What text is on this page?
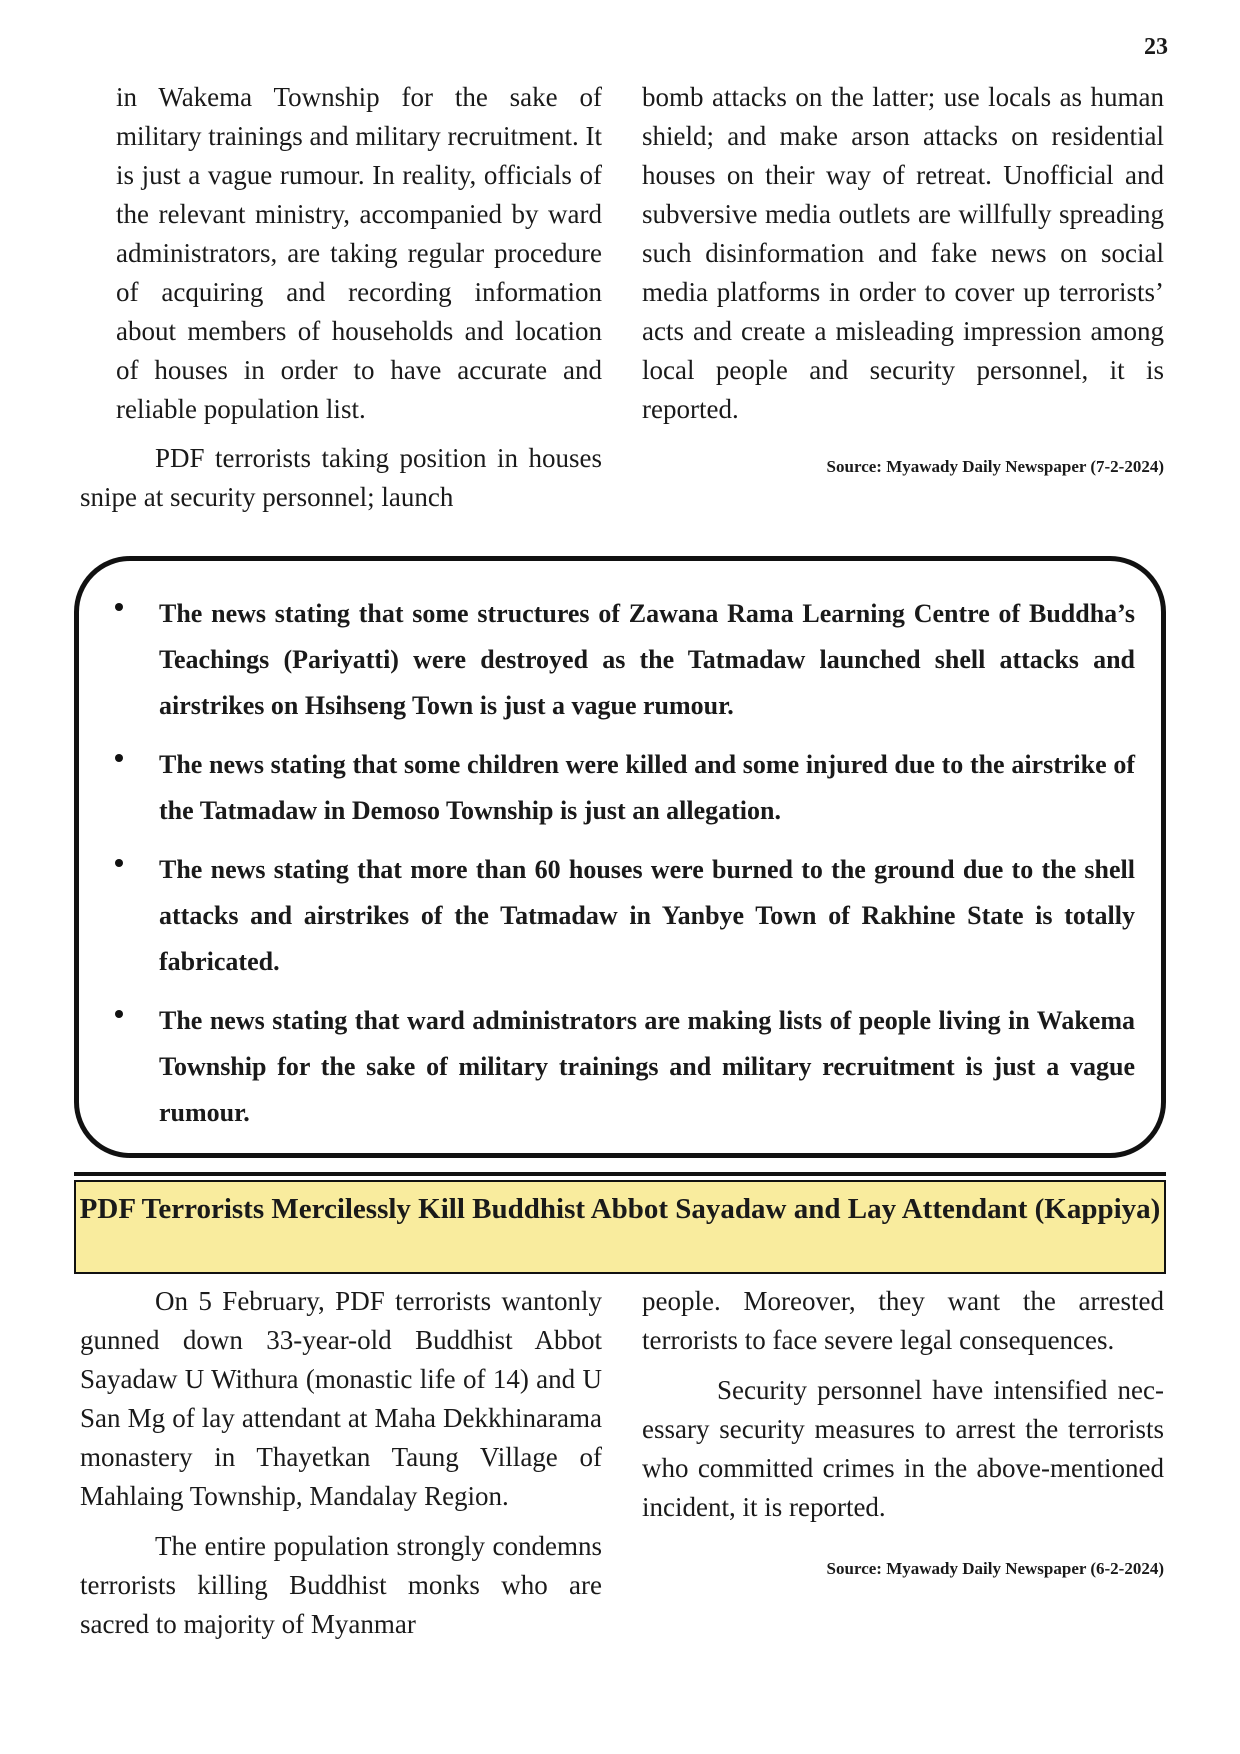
23

in Wakema Township for the sake of military trainings and military recruitment. It is just a vague rumour. In reality, officials of the relevant ministry, accompanied by ward administrators, are taking regular procedure of acquiring and recording information about members of households and location of houses in order to have accurate and reliable population list.

PDF terrorists taking position in houses snipe at security personnel; launch

bomb attacks on the latter; use locals as human shield; and make arson attacks on residential houses on their way of retreat. Unofficial and subversive media outlets are willfully spreading such disinformation and fake news on social media platforms in order to cover up terrorists’ acts and create a misleading impression among local people and security personnel, it is reported.

Source: Myawady Daily Newspaper (7-2-2024)
The news stating that some structures of Zawana Rama Learning Centre of Buddha’s Teachings (Pariyatti) were destroyed as the Tatmadaw launched shell attacks and airstrikes on Hsihseng Town is just a vague rumour.
The news stating that some children were killed and some injured due to the airstrike of the Tatmadaw in Demoso Township is just an allegation.
The news stating that more than 60 houses were burned to the ground due to the shell attacks and airstrikes of the Tatmadaw in Yanbye Town of Rakhine State is totally fabricated.
The news stating that ward administrators are making lists of people living in Wakema Township for the sake of military trainings and military recruitment is just a vague rumour.
PDF Terrorists Mercilessly Kill Buddhist Abbot Sayadaw and Lay Attendant (Kappiya)

On 5 February, PDF terrorists wantonly gunned down 33-year-old Buddhist Abbot Sayadaw U Withura (monastic life of 14) and U San Mg of lay attendant at Maha Dekkhinarama monastery in Thayetkan Taung Village of Mahlaing Township, Mandalay Region.

The entire population strongly condemns terrorists killing Buddhist monks who are sacred to majority of Myanmar

people. Moreover, they want the arrested terrorists to face severe legal consequences.

Security personnel have intensified necessary security measures to arrest the terrorists who committed crimes in the above-mentioned incident, it is reported.

Source: Myawady Daily Newspaper (6-2-2024)
